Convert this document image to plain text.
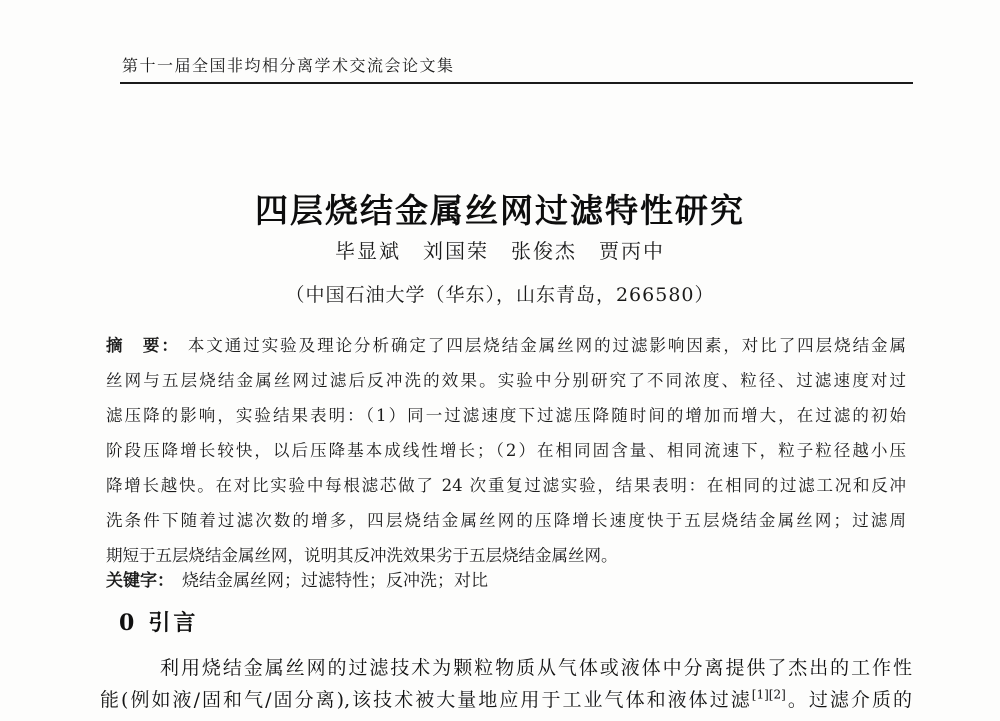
第十一届全国非均相分离学术交流会论文集
四层烧结金属丝网过滤特性研究
毕显斌　刘国荣　张俊杰　贾丙中
（中国石油大学（华东），山东青岛，266580）
摘　要： 本文通过实验及理论分析确定了四层烧结金属丝网的过滤影响因素，对比了四层烧结金属
丝网与五层烧结金属丝网过滤后反冲洗的效果。实验中分别研究了不同浓度、粒径、过滤速度对过
滤压降的影响，实验结果表明：（1）同一过滤速度下过滤压降随时间的增加而增大，在过滤的初始
阶段压降增长较快，以后压降基本成线性增长；（2）在相同固含量、相同流速下，粒子粒径越小压
降增长越快。在对比实验中每根滤芯做了 24 次重复过滤实验，结果表明：在相同的过滤工况和反冲
洗条件下随着过滤次数的增多，四层烧结金属丝网的压降增长速度快于五层烧结金属丝网；过滤周
期短于五层烧结金属丝网，说明其反冲洗效果劣于五层烧结金属丝网。
关键字： 烧结金属丝网；过滤特性；反冲洗；对比
0 引言
利用烧结金属丝网的过滤技术为颗粒物质从气体或液体中分离提供了杰出的工作性
能(例如液/固和气/固分离),该技术被大量地应用于工业气体和液体过滤[1][2]。过滤介质的
